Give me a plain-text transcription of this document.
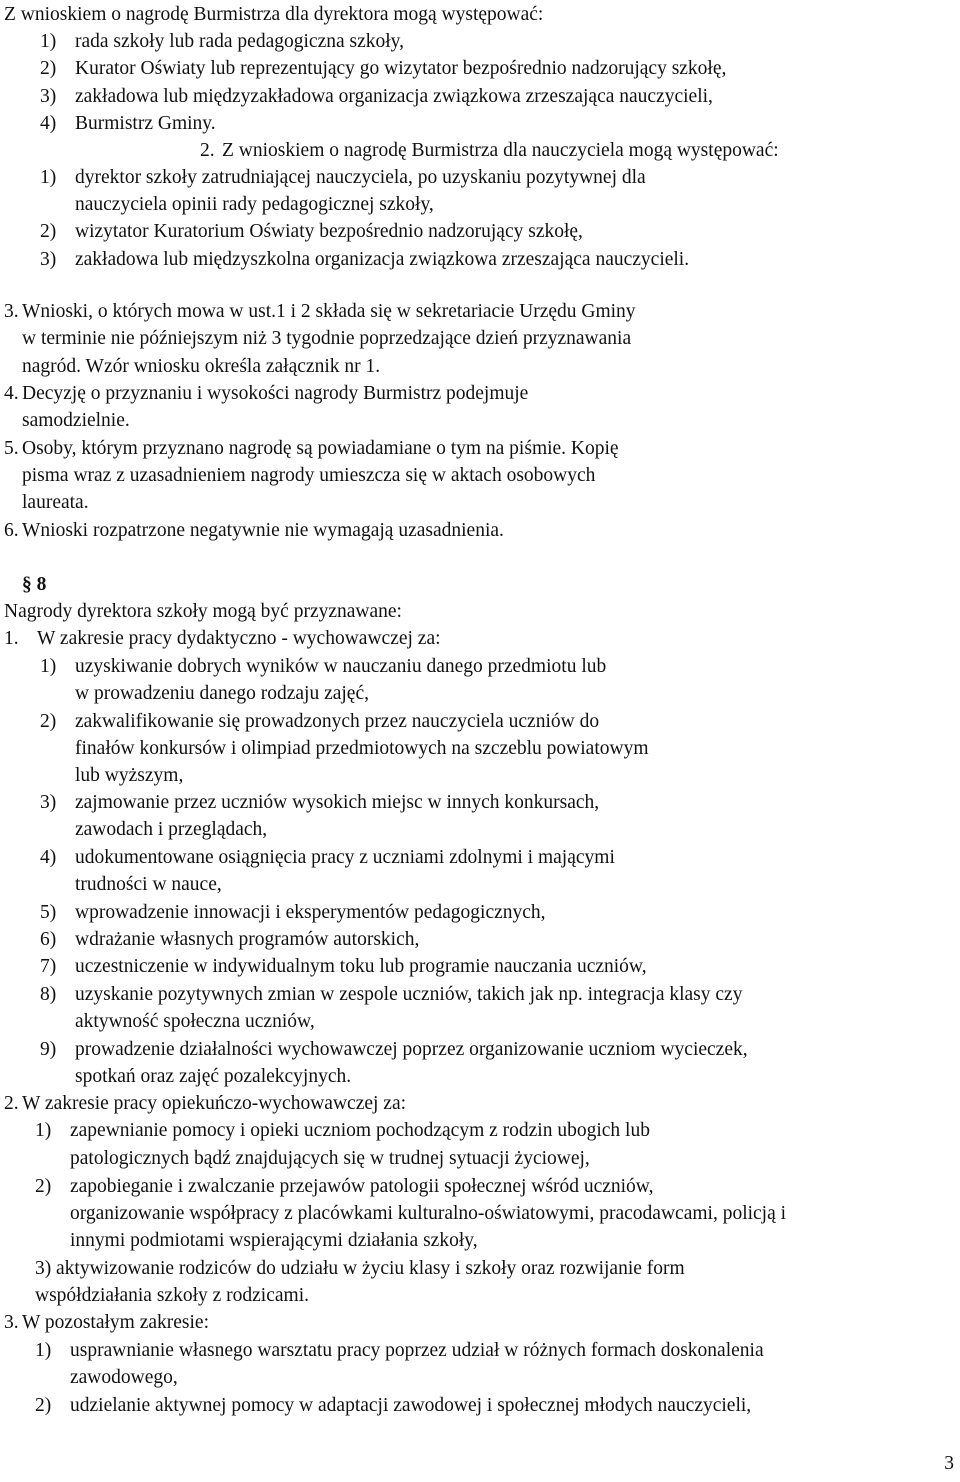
Z wnioskiem o nagrodę Burmistrza dla dyrektora mogą występować:
1) rada szkoły lub rada pedagogiczna szkoły,
2) Kurator Oświaty lub reprezentujący go wizytator bezpośrednio nadzorujący szkołę,
3) zakładowa lub międzyzakładowa organizacja związkowa zrzeszająca nauczycieli,
4) Burmistrz Gminy.
2. Z wnioskiem o nagrodę Burmistrza dla nauczyciela mogą występować:
1) dyrektor szkoły zatrudniającej nauczyciela, po uzyskaniu pozytywnej dla
nauczyciela opinii rady pedagogicznej szkoły,
2) wizytator Kuratorium Oświaty bezpośrednio nadzorujący szkołę,
3) zakładowa lub międzyszkolna organizacja związkowa zrzeszająca nauczycieli.
3. Wnioski, o których mowa w ust.1 i 2 składa się w sekretariacie Urzędu Gminy
w terminie nie późniejszym niż 3 tygodnie poprzedzające dzień przyznawania
nagród. Wzór wniosku określa załącznik nr 1.
4. Decyzję o przyznaniu i wysokości nagrody Burmistrz podejmuje
samodzielnie.
5. Osoby, którym przyznano nagrodę są powiadamiane o tym na piśmie. Kopię
pisma wraz z uzasadnieniem nagrody umieszcza się w aktach osobowych
laureata.
6. Wnioski rozpatrzone negatywnie nie wymagają uzasadnienia.
§ 8
Nagrody dyrektora szkoły mogą być przyznawane:
1. W zakresie pracy dydaktyczno - wychowawczej za:
1) uzyskiwanie dobrych wyników w nauczaniu danego przedmiotu lub
w prowadzeniu danego rodzaju zajęć,
2) zakwalifikowanie się prowadzonych przez nauczyciela uczniów do
finałów konkursów i olimpiad przedmiotowych na szczeblu powiatowym
lub wyższym,
3) zajmowanie przez uczniów wysokich miejsc w innych konkursach,
zawodach i przeglądach,
4) udokumentowane osiągnięcia pracy z uczniami zdolnymi i mającymi
trudności w nauce,
5) wprowadzenie innowacji i eksperymentów pedagogicznych,
6) wdrażanie własnych programów autorskich,
7) uczestniczenie w indywidualnym toku lub programie nauczania uczniów,
8) uzyskanie pozytywnych zmian w zespole uczniów, takich jak np. integracja klasy czy
aktywność społeczna uczniów,
9) prowadzenie działalności wychowawczej poprzez organizowanie uczniom wycieczek,
spotkań oraz zajęć pozalekcyjnych.
2. W zakresie pracy opiekuńczo-wychowawczej za:
1) zapewnianie pomocy i opieki uczniom pochodzącym z rodzin ubogich lub
patologicznych bądź znajdujących się w trudnej sytuacji życiowej,
2) zapobieganie i zwalczanie przejawów patologii społecznej wśród uczniów,
organizowanie współpracy z placówkami kulturalno-oświatowymi, pracodawcami, policją i
innymi podmiotami wspierającymi działania szkoły,
3) aktywizowanie rodziców do udziału w życiu klasy i szkoły oraz rozwijanie form
współdziałania szkoły z rodzicami.
3. W pozostałym zakresie:
1) usprawnianie własnego warsztatu pracy poprzez udział w różnych formach doskonalenia
zawodowego,
2) udzielanie aktywnej pomocy w adaptacji zawodowej i społecznej młodych nauczycieli,
3
